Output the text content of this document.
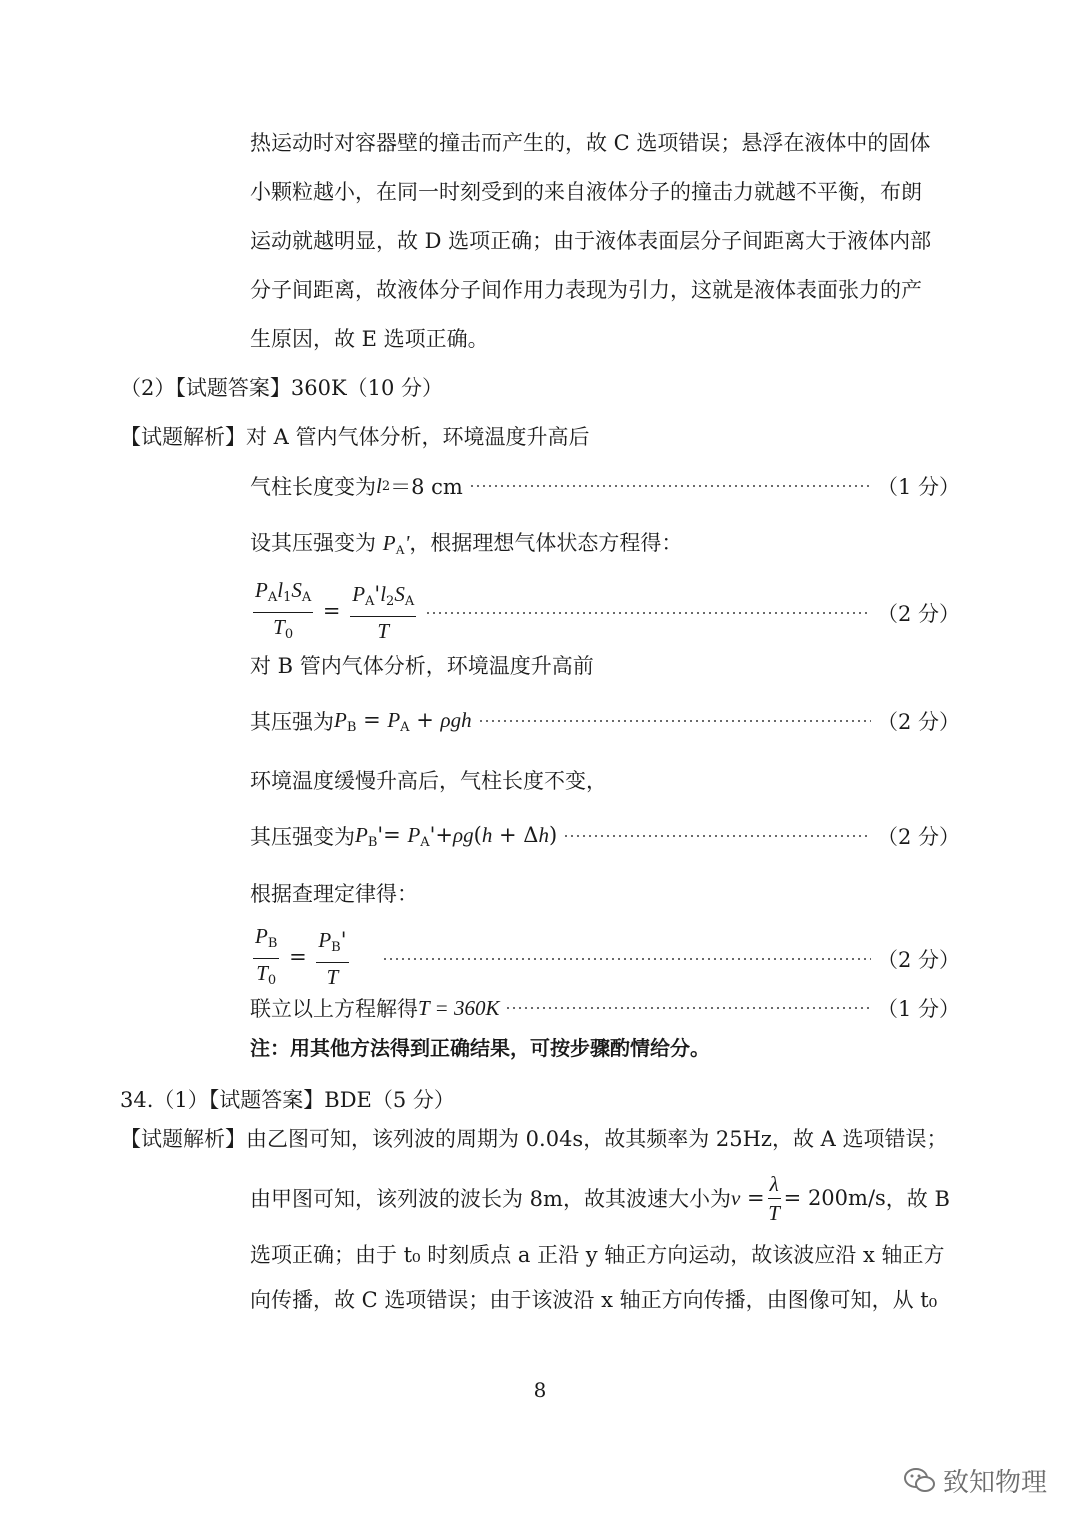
热运动时对容器壁的撞击而产生的，故 C 选项错误；悬浮在液体中的固体
小颗粒越小，在同一时刻受到的来自液体分子的撞击力就越不平衡，布朗
运动就越明显，故 D 选项正确；由于液体表面层分子间距离大于液体内部
分子间距离，故液体分子间作用力表现为引力，这就是液体表面张力的产
生原因，故 E 选项正确。
（2）【试题答案】360K（10 分）
【试题解析】对 A 管内气体分析，环境温度升高后
气柱长度变为 l 2 ＝8 cm	（1 分）
设其压强变为 $P_A'$，根据理想气体状态方程得：
$\frac{P_Al_1S_A}{T_0} = \frac{P_A'l_2S_A}{T}$	（2 分）
对 B 管内气体分析，环境温度升高前
其压强为 $P_B = P_A + \rho gh$	（2 分）
环境温度缓慢升高后，气柱长度不变，
其压强变为 $P_B'= P_A'+\rho g(h + \Delta h)$	（2 分）
根据查理定律得：
$\frac{P_B}{T_0} = \frac{P_B'}{T}$	（2 分）
联立以上方程解得 T = 360K	（1 分）
注：用其他方法得到正确结果，可按步骤酌情给分。
34.（1）【试题答案】BDE（5 分）
【试题解析】由乙图可知，该列波的周期为 0.04s，故其频率为 25Hz，故 A 选项错误；
由甲图可知，该列波的波长为 8m，故其波速大小为 $v = \frac{\lambda}{T} = 200m/s$ ，故 B
选项正确；由于 t₀ 时刻质点 a 正沿 y 轴正方向运动，故该波应沿 x 轴正方
向传播，故 C 选项错误；由于该波沿 x 轴正方向传播，由图像可知，从 t₀
8
致知物理
